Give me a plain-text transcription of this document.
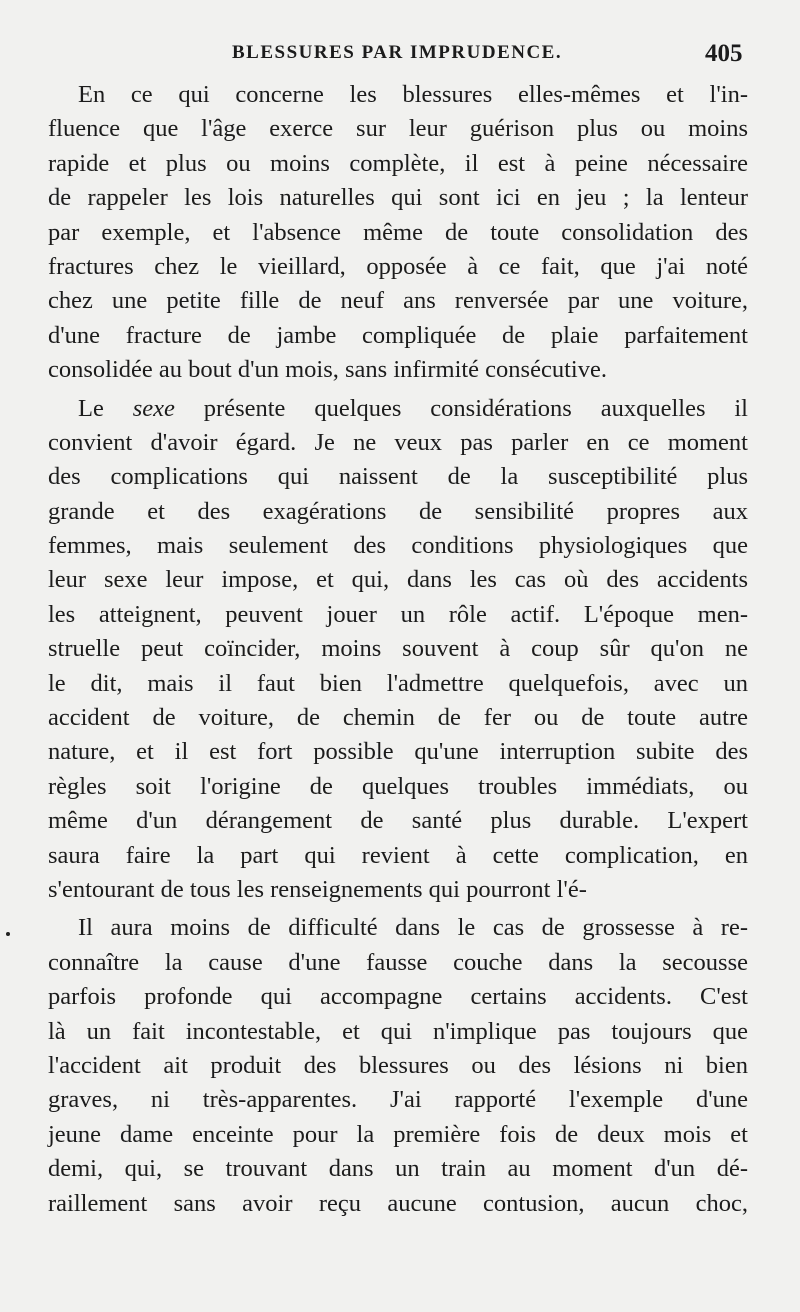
BLESSURES PAR IMPRUDENCE.	405
En ce qui concerne les blessures elles-mêmes et l'in-
fluence que l'âge exerce sur leur guérison plus ou moins
rapide et plus ou moins complète, il est à peine nécessaire
de rappeler les lois naturelles qui sont ici en jeu ; la lenteur
par exemple, et l'absence même de toute consolidation des
fractures chez le vieillard, opposée à ce fait, que j'ai noté
chez une petite fille de neuf ans renversée par une voiture,
d'une fracture de jambe compliquée de plaie parfaitement
consolidée au bout d'un mois, sans infirmité consécutive.
Le sexe présente quelques considérations auxquelles il
convient d'avoir égard. Je ne veux pas parler en ce moment
des complications qui naissent de la susceptibilité plus
grande et des exagérations de sensibilité propres aux
femmes, mais seulement des conditions physiologiques que
leur sexe leur impose, et qui, dans les cas où des accidents
les atteignent, peuvent jouer un rôle actif. L'époque men-
struelle peut coïncider, moins souvent à coup sûr qu'on ne
le dit, mais il faut bien l'admettre quelquefois, avec un
accident de voiture, de chemin de fer ou de toute autre
nature, et il est fort possible qu'une interruption subite des
règles soit l'origine de quelques troubles immédiats, ou
même d'un dérangement de santé plus durable. L'expert
saura faire la part qui revient à cette complication, en
s'entourant de tous les renseignements qui pourront l'é-
Il aura moins de difficulté dans le cas de grossesse à re-
connaître la cause d'une fausse couche dans la secousse
parfois profonde qui accompagne certains accidents. C'est
là un fait incontestable, et qui n'implique pas toujours que
l'accident ait produit des blessures ou des lésions ni bien
graves, ni très-apparentes. J'ai rapporté l'exemple d'une
jeune dame enceinte pour la première fois de deux mois et
demi, qui, se trouvant dans un train au moment d'un dé-
raillement sans avoir reçu aucune contusion, aucun choc,
